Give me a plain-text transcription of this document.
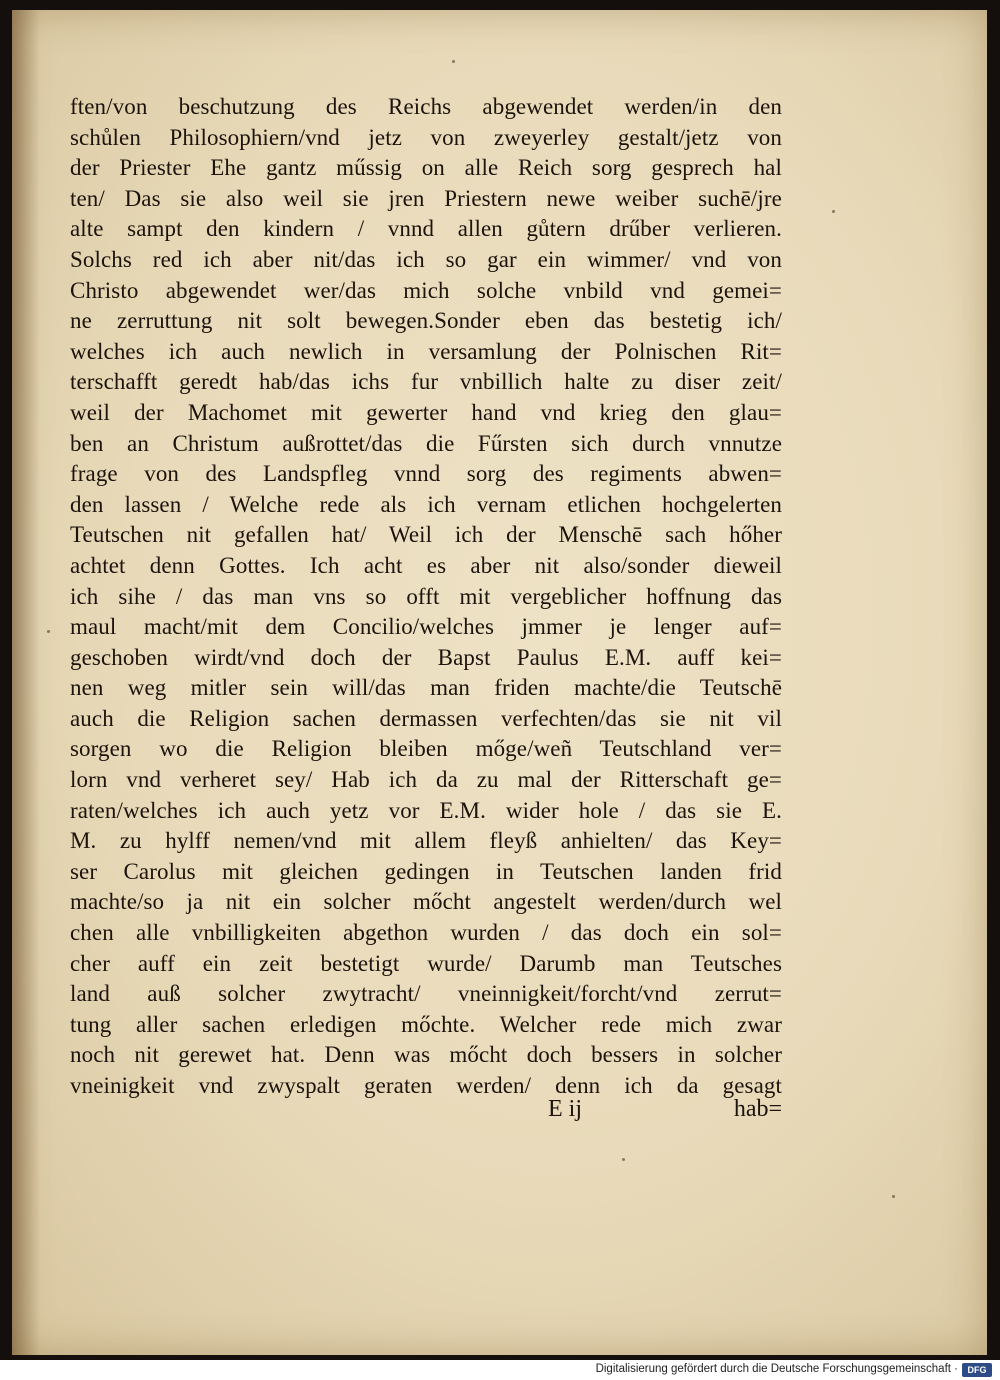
ften/von beschutzung des Reichs abgewendet werden/in den
schůlen Philosophiern/vnd jetz von zweyerley gestalt/jetz von
der Priester Ehe gantz műssig on alle Reich sorg gesprech hal
ten/ Das sie also weil sie jren Priestern newe weiber suchē/jre
alte sampt den kindern / vnnd allen gůtern drűber verlieren.
Solchs red ich aber nit/das ich so gar ein wimmer/ vnd von
Christo abgewendet wer/das mich solche vnbild vnd gemei=
ne zerruttung nit solt bewegen.Sonder eben das bestetig ich/
welches ich auch newlich in versamlung der Polnischen Rit=
terschafft geredt hab/das ichs fur vnbillich halte zu diser zeit/
weil der Machomet mit gewerter hand vnd krieg den glau=
ben an Christum außrottet/das die Fűrsten sich durch vnnutze
frage von des Landspfleg vnnd sorg des regiments abwen=
den lassen / Welche rede als ich vernam etlichen hochgelerten
Teutschen nit gefallen hat/ Weil ich der Menschē sach hőher
achtet denn Gottes. Ich acht es aber nit also/sonder dieweil
ich sihe / das man vns so offt mit vergeblicher hoffnung das
maul macht/mit dem Concilio/welches jmmer je lenger auf=
geschoben wirdt/vnd doch der Bapst Paulus E.M. auff kei=
nen weg mitler sein will/das man friden machte/die Teutschē
auch die Religion sachen dermassen verfechten/das sie nit vil
sorgen wo die Religion bleiben mőge/weñ Teutschland ver=
lorn vnd verheret sey/ Hab ich da zu mal der Ritterschaft ge=
raten/welches ich auch yetz vor E.M. wider hole / das sie E.
M. zu hylff nemen/vnd mit allem fleyß anhielten/ das Key=
ser Carolus mit gleichen gedingen in Teutschen landen frid
machte/so ja nit ein solcher mőcht angestelt werden/durch wel
chen alle vnbilligkeiten abgethon wurden / das doch ein sol=
cher auff ein zeit bestetigt wurde/ Darumb man Teutsches
land auß solcher zwytracht/ vneinnigkeit/forcht/vnd zerrut=
tung aller sachen erledigen mőchte. Welcher rede mich zwar
noch nit gerewet hat. Denn was mőcht doch bessers in solcher
vneinigkeit vnd zwyspalt geraten werden/ denn ich da gesagt
E ij	hab=
Digitalisierung gefördert durch die Deutsche Forschungsgemeinschaft ·	DFG
